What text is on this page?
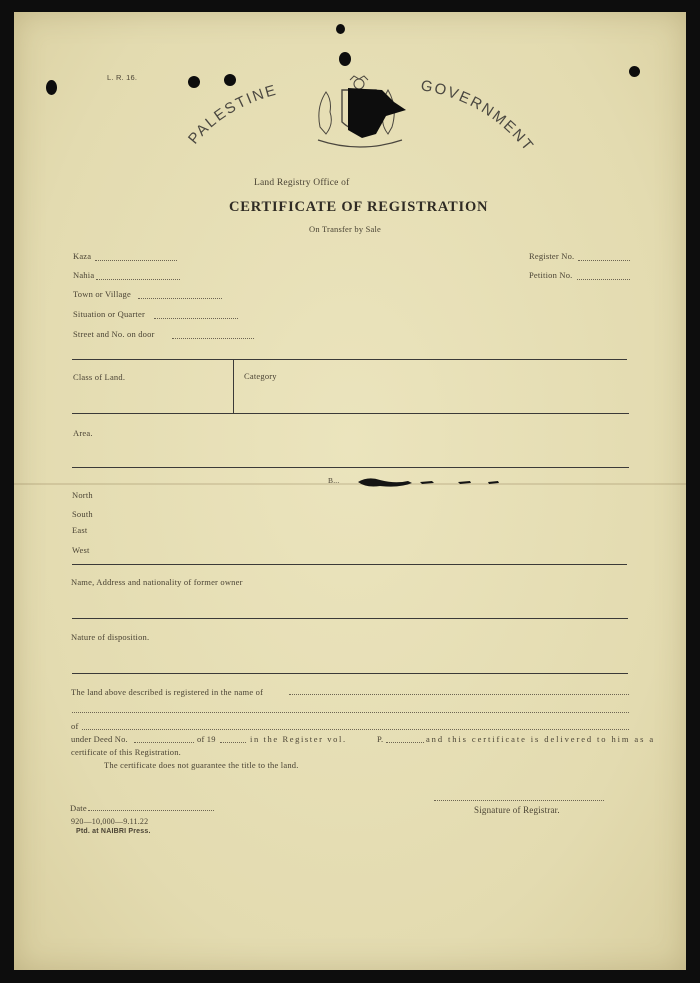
L. R. 16.
PALESTINE	GOVERNMENT
Land Registry Office of
CERTIFICATE OF REGISTRATION
On Transfer by Sale
Kaza
Nahia
Town or Village
Situation or Quarter
Street and No. on door
Register No.
Petition No.
Class of Land.	Category
Area.
B...
North
South
East
West
Name, Address and nationality of former owner
Nature of disposition.
The land above described is registered in the name of
of
under Deed No.	of 19	in the Register vol.	P.	and this certificate is delivered to him as a
certificate of this Registration.
The certificate does not guarantee the title to the land.
Date	Signature of Registrar.
920—10,000—9.11.22
Ptd. at NAIBRI Press.
